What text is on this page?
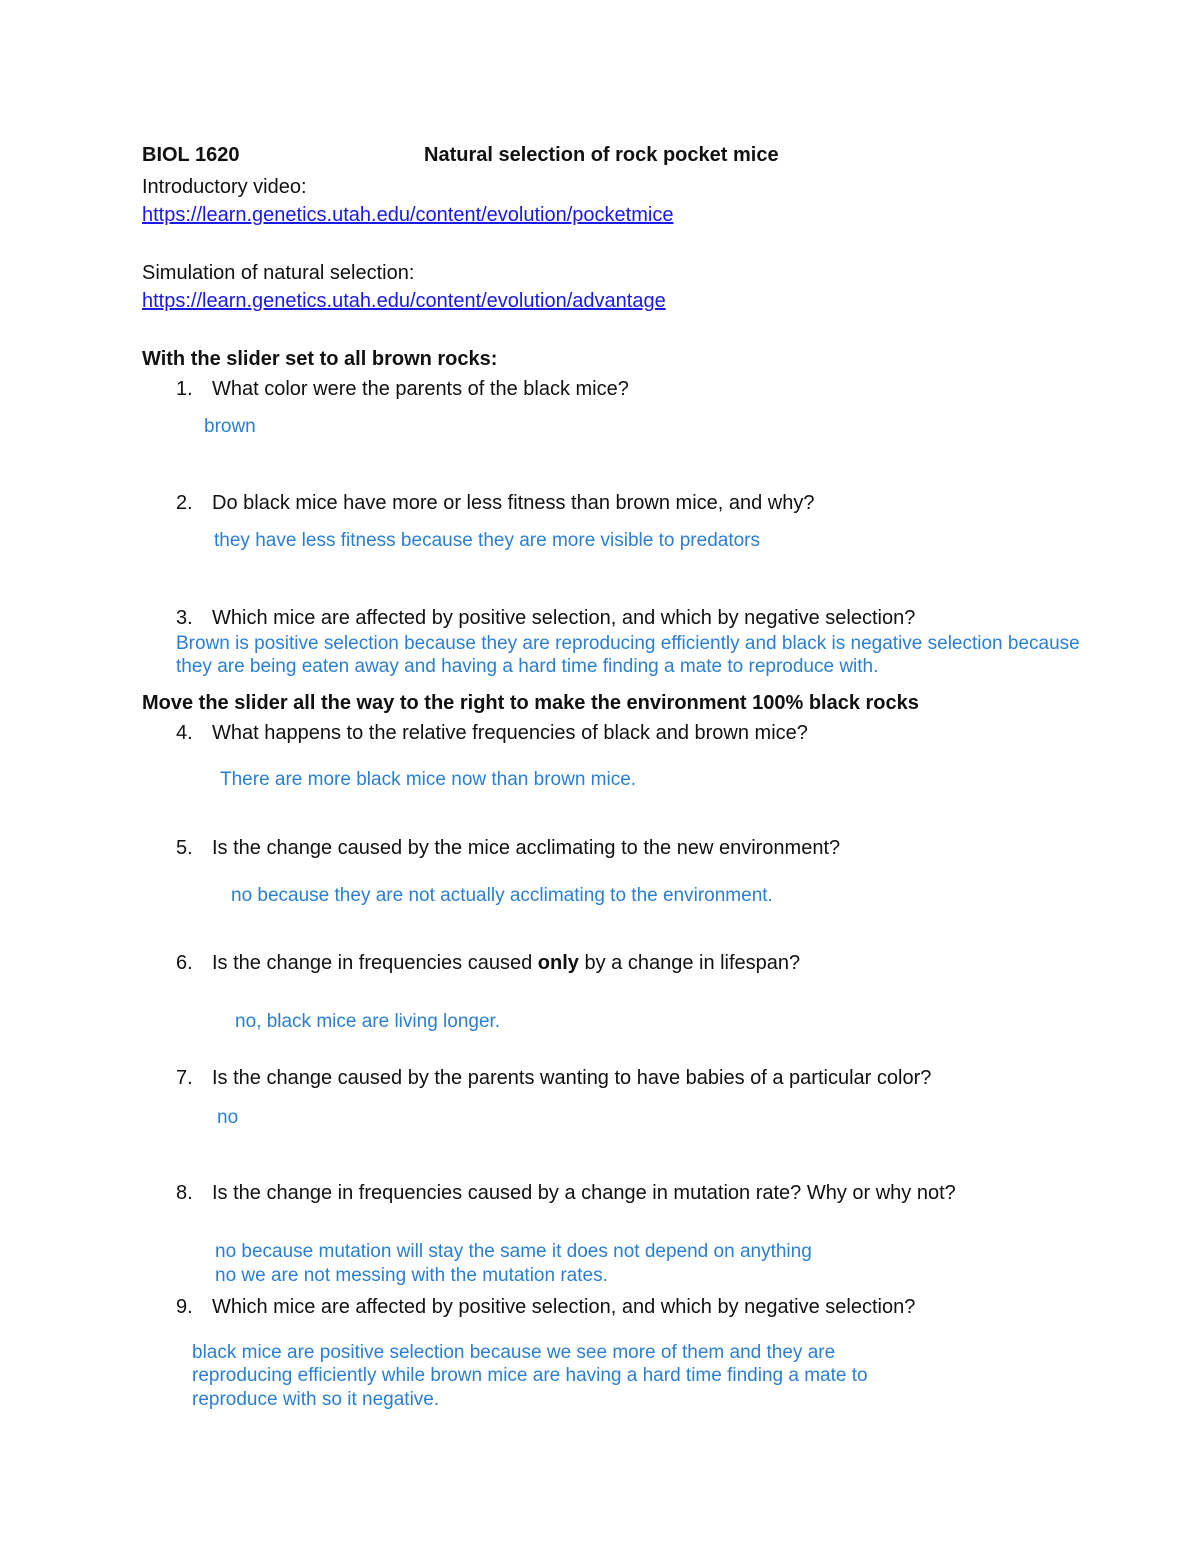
BIOL 1620	Natural selection of rock pocket mice
Introductory video:
https://learn.genetics.utah.edu/content/evolution/pocketmice
Simulation of natural selection:
https://learn.genetics.utah.edu/content/evolution/advantage
With the slider set to all brown rocks:
1. What color were the parents of the black mice?
brown
2. Do black mice have more or less fitness than brown mice, and why?
they have less fitness because they are more visible to predators
3. Which mice are affected by positive selection, and which by negative selection?
Brown is positive selection because they are reproducing efficiently and black is negative selection because
they are being eaten away and having a hard time finding a mate to reproduce with.
Move the slider all the way to the right to make the environment 100% black rocks
4. What happens to the relative frequencies of black and brown mice?
There are more black mice now than brown mice.
5. Is the change caused by the mice acclimating to the new environment?
no because they are not actually acclimating to the environment.
6. Is the change in frequencies caused only by a change in lifespan?
no, black mice are living longer.
7. Is the change caused by the parents wanting to have babies of a particular color?
no
8. Is the change in frequencies caused by a change in mutation rate? Why or why not?
no because mutation will stay the same it does not depend on anything
no we are not messing with the mutation rates.
9. Which mice are affected by positive selection, and which by negative selection?
black mice are positive selection because we see more of them and they are
reproducing efficiently while brown mice are having a hard time finding a mate to
reproduce with so it negative.
